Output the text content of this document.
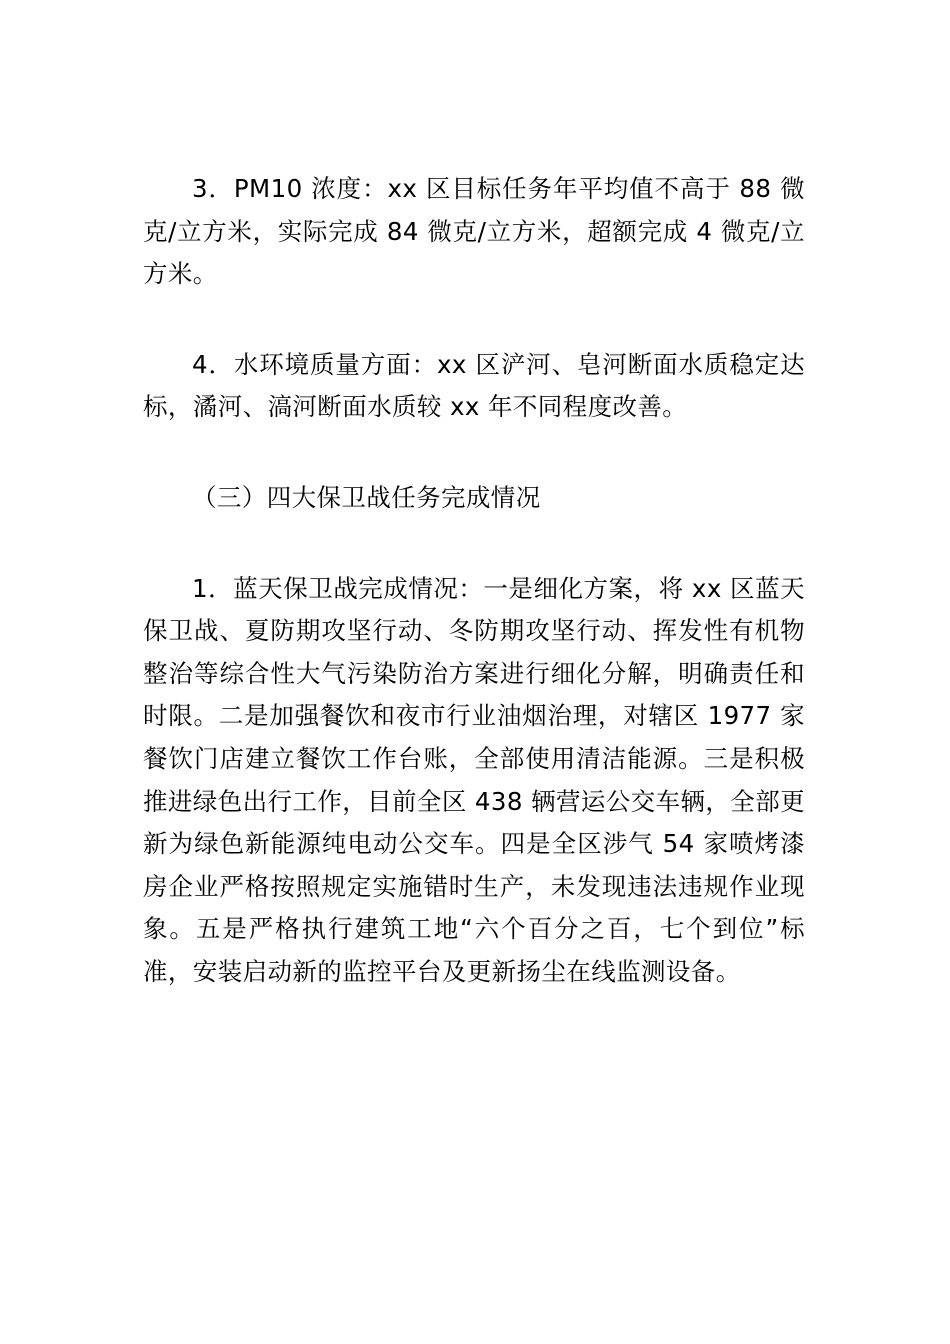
3．PM10 浓度：xx 区目标任务年平均值不高于 88 微克/立方米，实际完成 84 微克/立方米，超额完成 4 微克/立方米。

4．水环境质量方面：xx 区浐河、皂河断面水质稳定达标，潏河、滈河断面水质较 xx 年不同程度改善。

（三）四大保卫战任务完成情况

1．蓝天保卫战完成情况：一是细化方案，将 xx 区蓝天保卫战、夏防期攻坚行动、冬防期攻坚行动、挥发性有机物整治等综合性大气污染防治方案进行细化分解，明确责任和时限。二是加强餐饮和夜市行业油烟治理，对辖区 1977 家餐饮门店建立餐饮工作台账，全部使用清洁能源。三是积极推进绿色出行工作，目前全区 438 辆营运公交车辆，全部更新为绿色新能源纯电动公交车。四是全区涉气 54 家喷烤漆房企业严格按照规定实施错时生产，未发现违法违规作业现象。五是严格执行建筑工地“六个百分之百，七个到位”标准，安装启动新的监控平台及更新扬尘在线监测设备。
